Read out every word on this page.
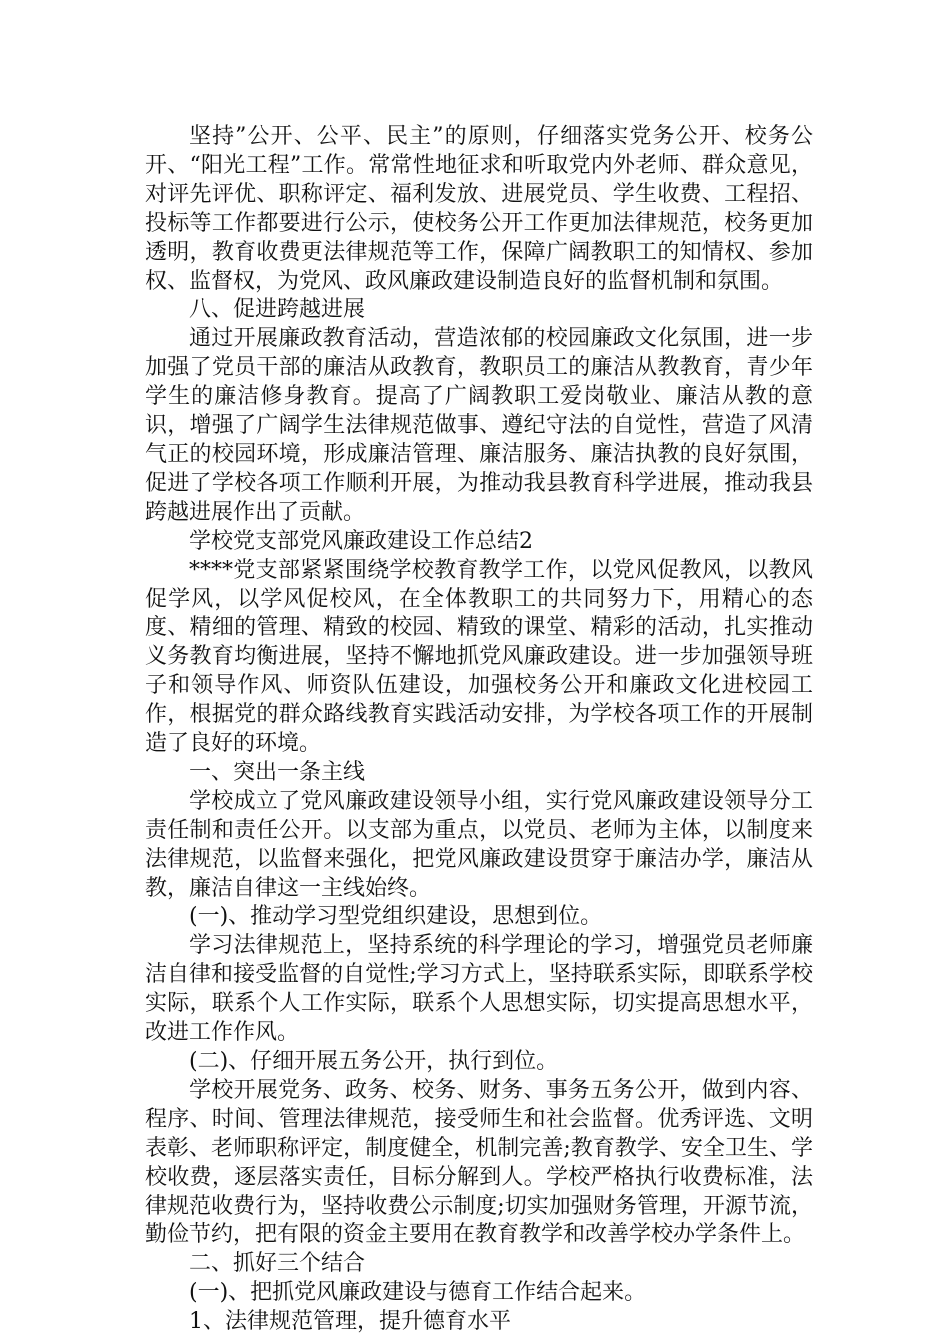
坚持”公开、公平、民主”的原则，仔细落实党务公开、校务公开、“阳光工程”工作。常常性地征求和听取党内外老师、群众意见，对评先评优、职称评定、福利发放、进展党员、学生收费、工程招、投标等工作都要进行公示，使校务公开工作更加法律规范，校务更加透明，教育收费更法律规范等工作，保障广阔教职工的知情权、参加权、监督权，为党风、政风廉政建设制造良好的监督机制和氛围。

八、促进跨越进展

通过开展廉政教育活动，营造浓郁的校园廉政文化氛围，进一步加强了党员干部的廉洁从政教育，教职员工的廉洁从教教育，青少年学生的廉洁修身教育。提高了广阔教职工爱岗敬业、廉洁从教的意识，增强了广阔学生法律规范做事、遵纪守法的自觉性，营造了风清气正的校园环境，形成廉洁管理、廉洁服务、廉洁执教的良好氛围，促进了学校各项工作顺利开展，为推动我县教育科学进展，推动我县跨越进展作出了贡献。

学校党支部党风廉政建设工作总结2

****党支部紧紧围绕学校教育教学工作，以党风促教风，以教风促学风，以学风促校风，在全体教职工的共同努力下，用精心的态度、精细的管理、精致的校园、精致的课堂、精彩的活动，扎实推动义务教育均衡进展，坚持不懈地抓党风廉政建设。进一步加强领导班子和领导作风、师资队伍建设，加强校务公开和廉政文化进校园工作，根据党的群众路线教育实践活动安排，为学校各项工作的开展制造了良好的环境。

一、突出一条主线

学校成立了党风廉政建设领导小组，实行党风廉政建设领导分工责任制和责任公开。以支部为重点，以党员、老师为主体，以制度来法律规范，以监督来强化，把党风廉政建设贯穿于廉洁办学，廉洁从教，廉洁自律这一主线始终。

(一)、推动学习型党组织建设，思想到位。

学习法律规范上，坚持系统的科学理论的学习，增强党员老师廉洁自律和接受监督的自觉性;学习方式上，坚持联系实际，即联系学校实际，联系个人工作实际，联系个人思想实际，切实提高思想水平，改进工作作风。

(二)、仔细开展五务公开，执行到位。

学校开展党务、政务、校务、财务、事务五务公开，做到内容、程序、时间、管理法律规范，接受师生和社会监督。优秀评选、文明表彰、老师职称评定，制度健全，机制完善;教育教学、安全卫生、学校收费，逐层落实责任，目标分解到人。学校严格执行收费标准，法律规范收费行为，坚持收费公示制度;切实加强财务管理，开源节流，勤俭节约，把有限的资金主要用在教育教学和改善学校办学条件上。

二、抓好三个结合

(一)、把抓党风廉政建设与德育工作结合起来。

1、法律规范管理，提升德育水平
